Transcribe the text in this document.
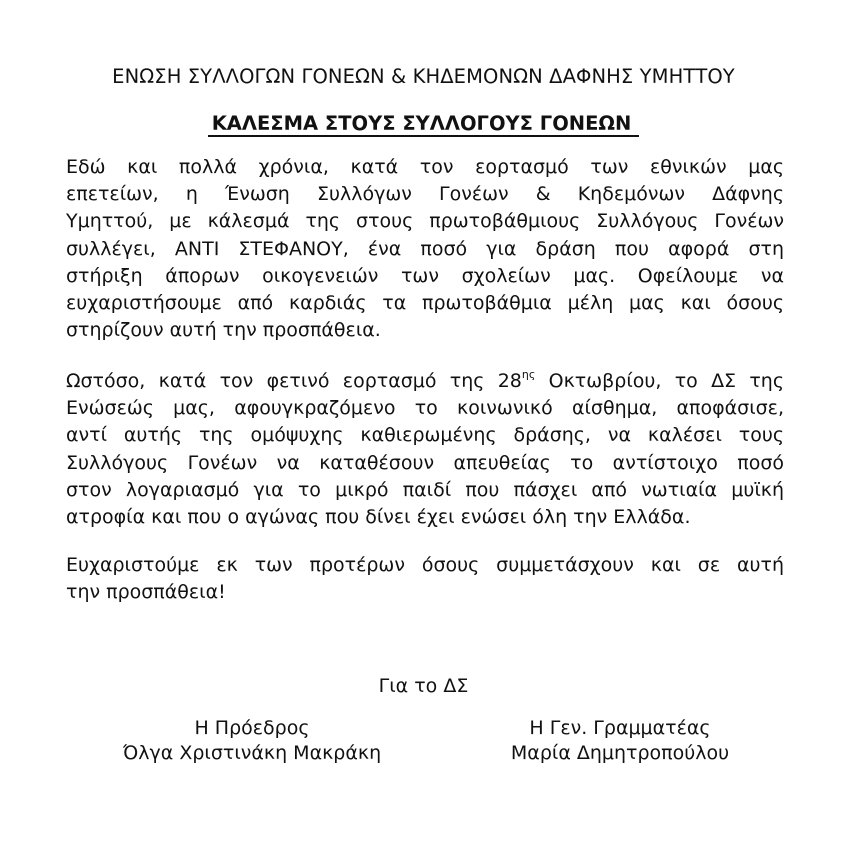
ΕΝΩΣΗ ΣΥΛΛΟΓΩΝ ΓΟΝΕΩΝ & ΚΗΔΕΜΟΝΩΝ ΔΑΦΝΗΣ ΥΜΗΤΤΟΥ
ΚΑΛΕΣΜΑ ΣΤΟΥΣ ΣΥΛΛΟΓΟΥΣ ΓΟΝΕΩΝ
Εδώ και πολλά χρόνια, κατά τον εορτασμό των εθνικών μας
επετείων, η Ένωση Συλλόγων Γονέων & Κηδεμόνων Δάφνης
Υμηττού, με κάλεσμά της στους πρωτοβάθμιους Συλλόγους Γονέων
συλλέγει, ΑΝΤΙ ΣΤΕΦΑΝΟΥ, ένα ποσό για δράση που αφορά στη
στήριξη άπορων οικογενειών των σχολείων μας. Οφείλουμε να
ευχαριστήσουμε από καρδιάς τα πρωτοβάθμια μέλη μας και όσους
στηρίζουν αυτή την προσπάθεια.
Ωστόσο, κατά τον φετινό εορτασμό της $28^{\eta\varsigma}$ Οκτωβρίου, το ΔΣ της
Ενώσεώς μας, αφουγκραζόμενο το κοινωνικό αίσθημα, αποφάσισε,
αντί αυτής της ομόψυχης καθιερωμένης δράσης, να καλέσει τους
Συλλόγους Γονέων να καταθέσουν απευθείας το αντίστοιχο ποσό
στον λογαριασμό για το μικρό παιδί που πάσχει από νωτιαία μυϊκή
ατροφία και που ο αγώνας που δίνει έχει ενώσει όλη την Ελλάδα.
Ευχαριστούμε εκ των προτέρων όσους συμμετάσχουν και σε αυτή
την προσπάθεια!
Για το ΔΣ
Η Πρόεδρος
Όλγα Χριστινάκη Μακράκη
Η Γεν. Γραμματέας
Μαρία Δημητροπούλου
